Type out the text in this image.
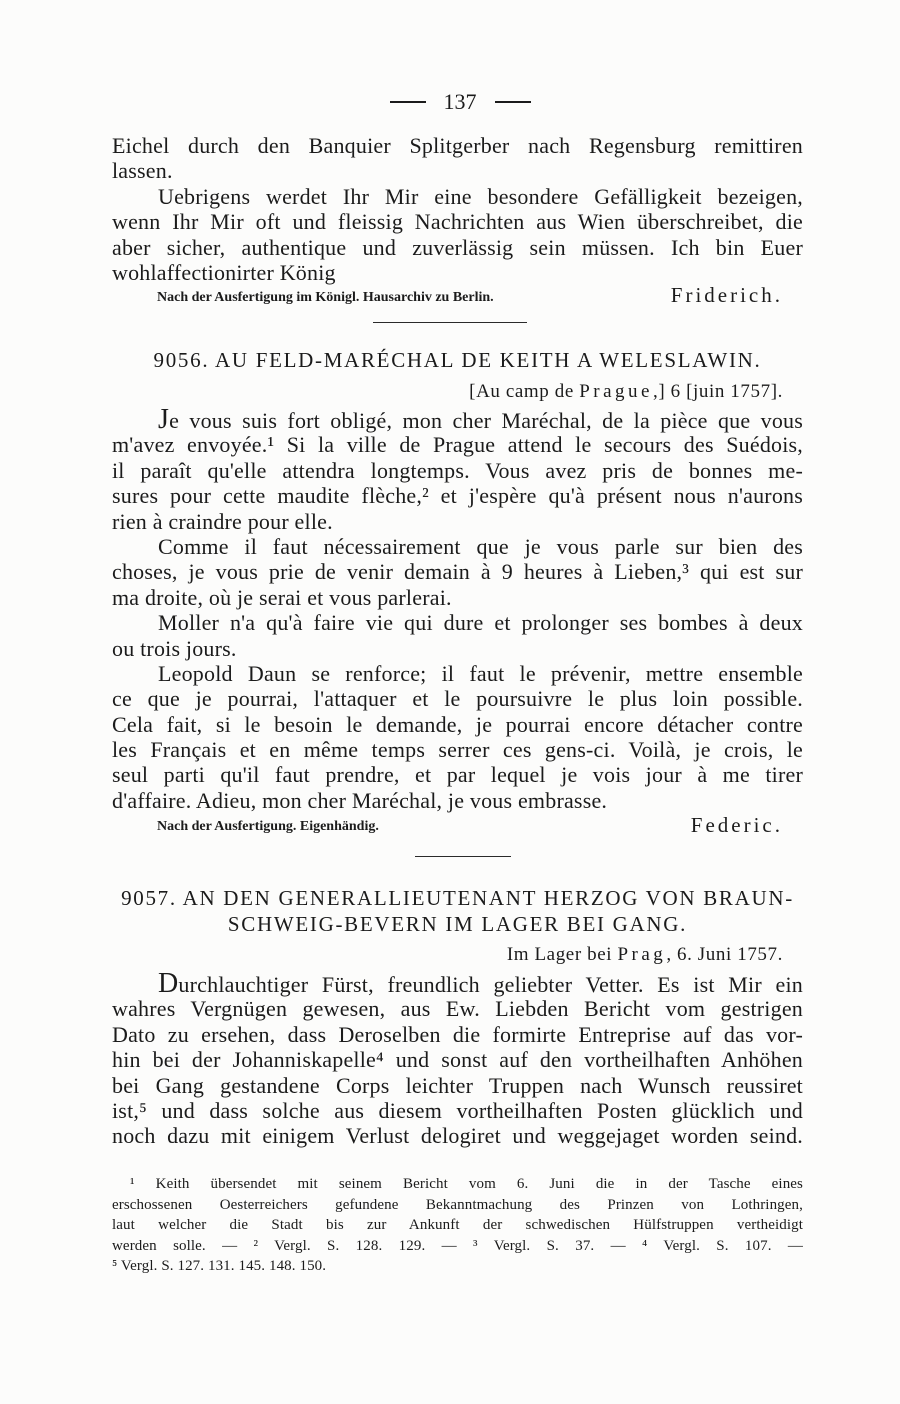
137
Eichel durch den Banquier Splitgerber nach Regensburg remittiren
lassen.
Uebrigens werdet Ihr Mir eine besondere Gefälligkeit bezeigen,
wenn Ihr Mir oft und fleissig Nachrichten aus Wien überschreibet, die
aber sicher, authentique und zuverlässig sein müssen. Ich bin Euer
wohlaffectionirter König
Nach der Ausfertigung im Königl. Hausarchiv zu Berlin.	Friderich.
9056. AU FELD-MARÉCHAL DE KEITH A WELESLAWIN.
[Au camp de Prague,] 6 [juin 1757].
Je vous suis fort obligé, mon cher Maréchal, de la pièce que vous
m'avez envoyée.¹ Si la ville de Prague attend le secours des Suédois,
il paraît qu'elle attendra longtemps. Vous avez pris de bonnes me-
sures pour cette maudite flèche,² et j'espère qu'à présent nous n'aurons
rien à craindre pour elle.
Comme il faut nécessairement que je vous parle sur bien des
choses, je vous prie de venir demain à 9 heures à Lieben,³ qui est sur
ma droite, où je serai et vous parlerai.
Moller n'a qu'à faire vie qui dure et prolonger ses bombes à deux
ou trois jours.
Leopold Daun se renforce; il faut le prévenir, mettre ensemble
ce que je pourrai, l'attaquer et le poursuivre le plus loin possible.
Cela fait, si le besoin le demande, je pourrai encore détacher contre
les Français et en même temps serrer ces gens-ci. Voilà, je crois, le
seul parti qu'il faut prendre, et par lequel je vois jour à me tirer
d'affaire. Adieu, mon cher Maréchal, je vous embrasse.
Nach der Ausfertigung. Eigenhändig.	Federic.
9057. AN DEN GENERALLIEUTENANT HERZOG VON BRAUN-
SCHWEIG-BEVERN IM LAGER BEI GANG.
Im Lager bei Prag, 6. Juni 1757.
Durchlauchtiger Fürst, freundlich geliebter Vetter. Es ist Mir ein
wahres Vergnügen gewesen, aus Ew. Liebden Bericht vom gestrigen
Dato zu ersehen, dass Deroselben die formirte Entreprise auf das vor-
hin bei der Johanniskapelle⁴ und sonst auf den vortheilhaften Anhöhen
bei Gang gestandene Corps leichter Truppen nach Wunsch reussiret
ist,⁵ und dass solche aus diesem vortheilhaften Posten glücklich und
noch dazu mit einigem Verlust delogiret und weggejaget worden seind.
¹ Keith übersendet mit seinem Bericht vom 6. Juni die in der Tasche eines
erschossenen Oesterreichers gefundene Bekanntmachung des Prinzen von Lothringen,
laut welcher die Stadt bis zur Ankunft der schwedischen Hülfstruppen vertheidigt
werden solle. — ² Vergl. S. 128. 129. — ³ Vergl. S. 37. — ⁴ Vergl. S. 107. —
⁵ Vergl. S. 127. 131. 145. 148. 150.
